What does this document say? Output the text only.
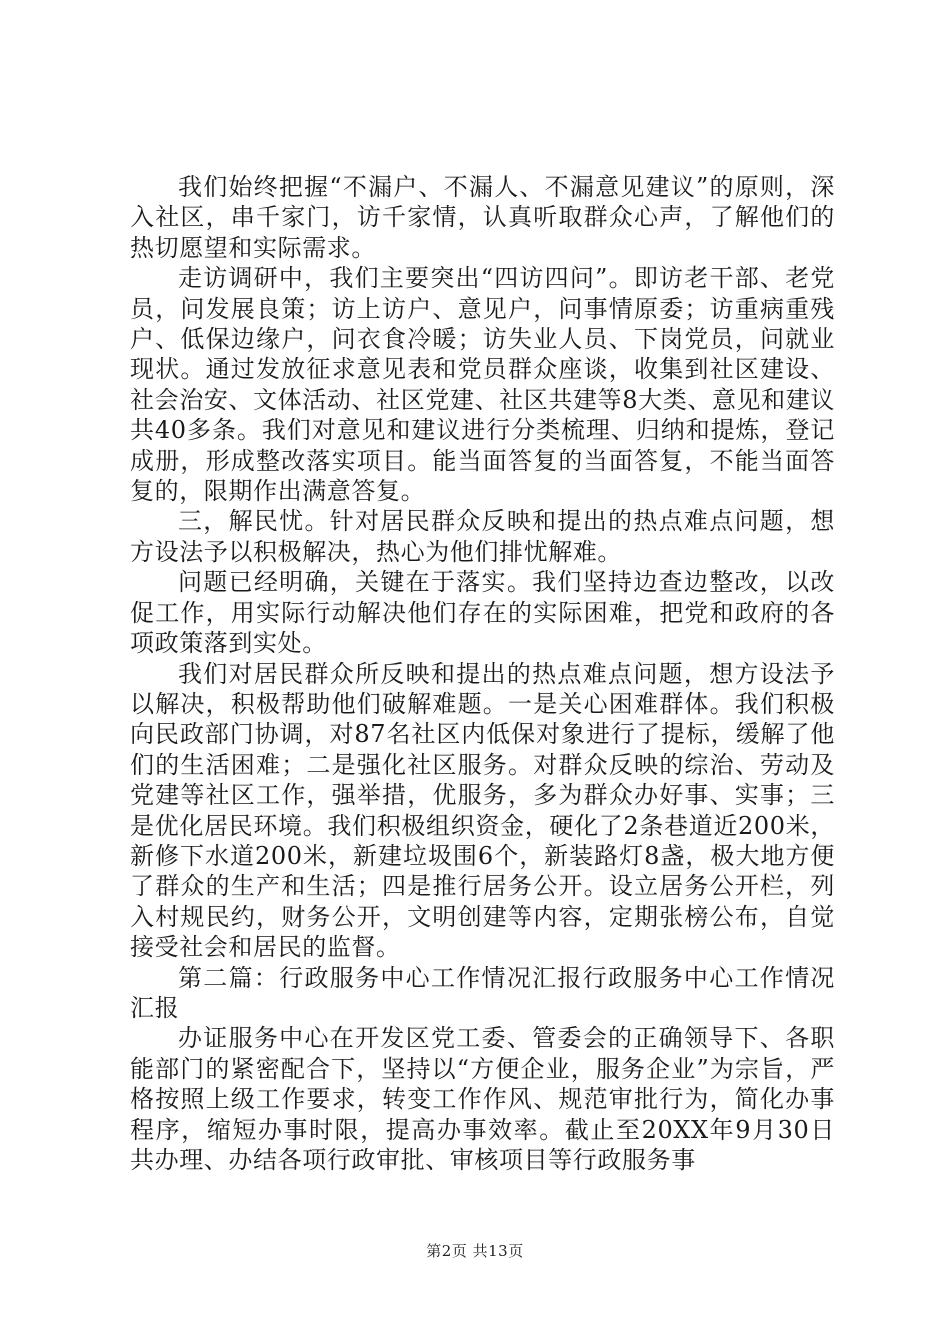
我们始终把握“不漏户、不漏人、不漏意见建议”的原则，深入社区，串千家门，访千家情，认真听取群众心声，了解他们的热切愿望和实际需求。

走访调研中，我们主要突出“四访四问”。即访老干部、老党员，问发展良策；访上访户、意见户，问事情原委；访重病重残户、低保边缘户，问衣食冷暖；访失业人员、下岗党员，问就业现状。通过发放征求意见表和党员群众座谈，收集到社区建设、社会治安、文体活动、社区党建、社区共建等8大类、意见和建议共40多条。我们对意见和建议进行分类梳理、归纳和提炼，登记成册，形成整改落实项目。能当面答复的当面答复，不能当面答复的，限期作出满意答复。

三，解民忧。针对居民群众反映和提出的热点难点问题，想方设法予以积极解决，热心为他们排忧解难。

问题已经明确，关键在于落实。我们坚持边查边整改，以改促工作，用实际行动解决他们存在的实际困难，把党和政府的各项政策落到实处。

我们对居民群众所反映和提出的热点难点问题，想方设法予以解决，积极帮助他们破解难题。一是关心困难群体。我们积极向民政部门协调，对87名社区内低保对象进行了提标，缓解了他们的生活困难；二是强化社区服务。对群众反映的综治、劳动及党建等社区工作，强举措，优服务，多为群众办好事、实事；三是优化居民环境。我们积极组织资金，硬化了2条巷道近200米，新修下水道200米，新建垃圾围6个，新装路灯8盏，极大地方便了群众的生产和生活；四是推行居务公开。设立居务公开栏，列入村规民约，财务公开，文明创建等内容，定期张榜公布，自觉接受社会和居民的监督。

第二篇：行政服务中心工作情况汇报行政服务中心工作情况汇报

办证服务中心在开发区党工委、管委会的正确领导下、各职能部门的紧密配合下，坚持以“方便企业，服务企业”为宗旨，严格按照上级工作要求，转变工作作风、规范审批行为，简化办事程序，缩短办事时限，提高办事效率。截止至20XX年9月30日共办理、办结各项行政审批、审核项目等行政服务事

第2页 共13页
